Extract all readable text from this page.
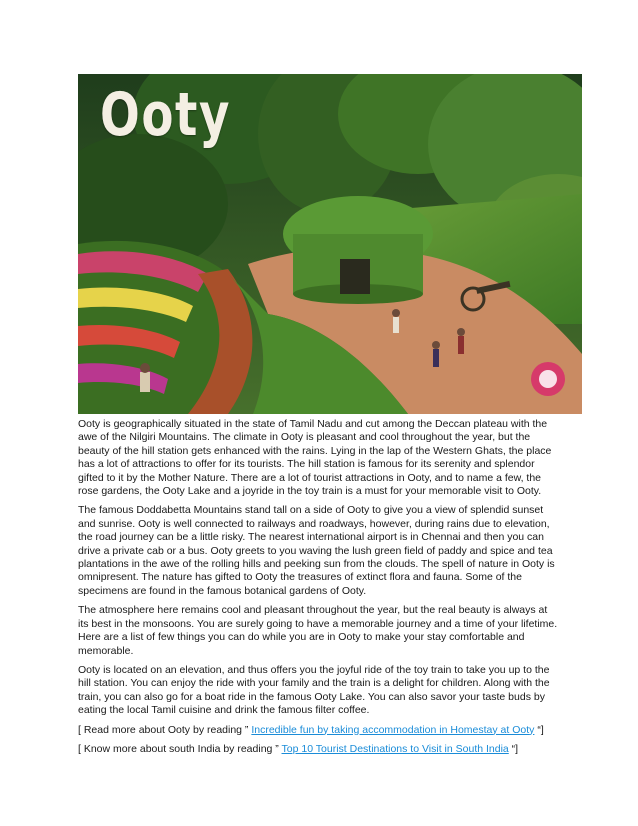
Ooty

Ooty is geographically situated in the state of Tamil Nadu and cut among the Deccan plateau with the awe of the Nilgiri Mountains. The climate in Ooty is pleasant and cool throughout the year, but the beauty of the hill station gets enhanced with the rains. Lying in the lap of the Western Ghats, the place has a lot of attractions to offer for its tourists. The hill station is famous for its serenity and splendor gifted to it by the Mother Nature. There are a lot of tourist attractions in Ooty, and to name a few, the rose gardens, the Ooty Lake and a joyride in the toy train is a must for your memorable visit to Ooty.

The famous Doddabetta Mountains stand tall on a side of Ooty to give you a view of splendid sunset and sunrise. Ooty is well connected to railways and roadways, however, during rains due to elevation, the road journey can be a little risky. The nearest international airport is in Chennai and then you can drive a private cab or a bus. Ooty greets to you waving the lush green field of paddy and spice and tea plantations in the awe of the rolling hills and peeking sun from the clouds. The spell of nature in Ooty is omnipresent. The nature has gifted to Ooty the treasures of extinct flora and fauna. Some of the specimens are found in the famous botanical gardens of Ooty.

The atmosphere here remains cool and pleasant throughout the year, but the real beauty is always at its best in the monsoons. You are surely going to have a memorable journey and a time of your lifetime. Here are a list of few things you can do while you are in Ooty to make your stay comfortable and memorable.

Ooty is located on an elevation, and thus offers you the joyful ride of the toy train to take you up to the hill station. You can enjoy the ride with your family and the train is a delight for children. Along with the train, you can also go for a boat ride in the famous Ooty Lake. You can also savor your taste buds by eating the local Tamil cuisine and drink the famous filter coffee.

[ Read more about Ooty by reading ” Incredible fun by taking accommodation in Homestay at Ooty “]

[ Know more about south India by reading ” Top 10 Tourist Destinations to Visit in South India “]
